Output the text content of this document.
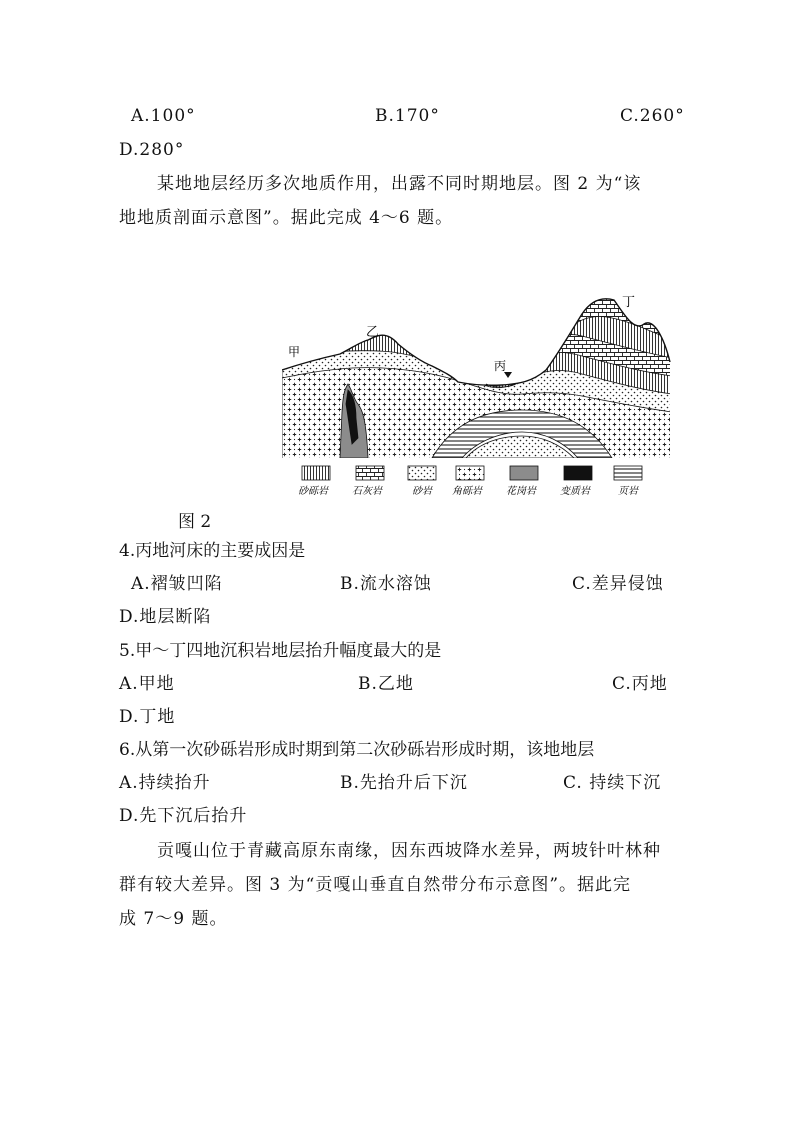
A.100°	B.170°	C.260°
D.280°
某地地层经历多次地质作用，出露不同时期地层。图 2 为“该
地地质剖面示意图”。据此完成 4～6 题。
甲
乙
丙
丁
砂砾岩 石灰岩	砂岩 角砾岩 花岗岩 变质岩	页岩
图 2
4.丙地河床的主要成因是
A.褶皱凹陷	B.流水溶蚀	C.差异侵蚀
D.地层断陷
5.甲～丁四地沉积岩地层抬升幅度最大的是
A.甲地	B.乙地	C.丙地
D.丁地
6.从第一次砂砾岩形成时期到第二次砂砾岩形成时期，该地地层
A.持续抬升	B.先抬升后下沉	C. 持续下沉
D.先下沉后抬升
贡嘎山位于青藏高原东南缘，因东西坡降水差异，两坡针叶林种
群有较大差异。图 3 为“贡嘎山垂直自然带分布示意图”。据此完
成 7～9 题。
